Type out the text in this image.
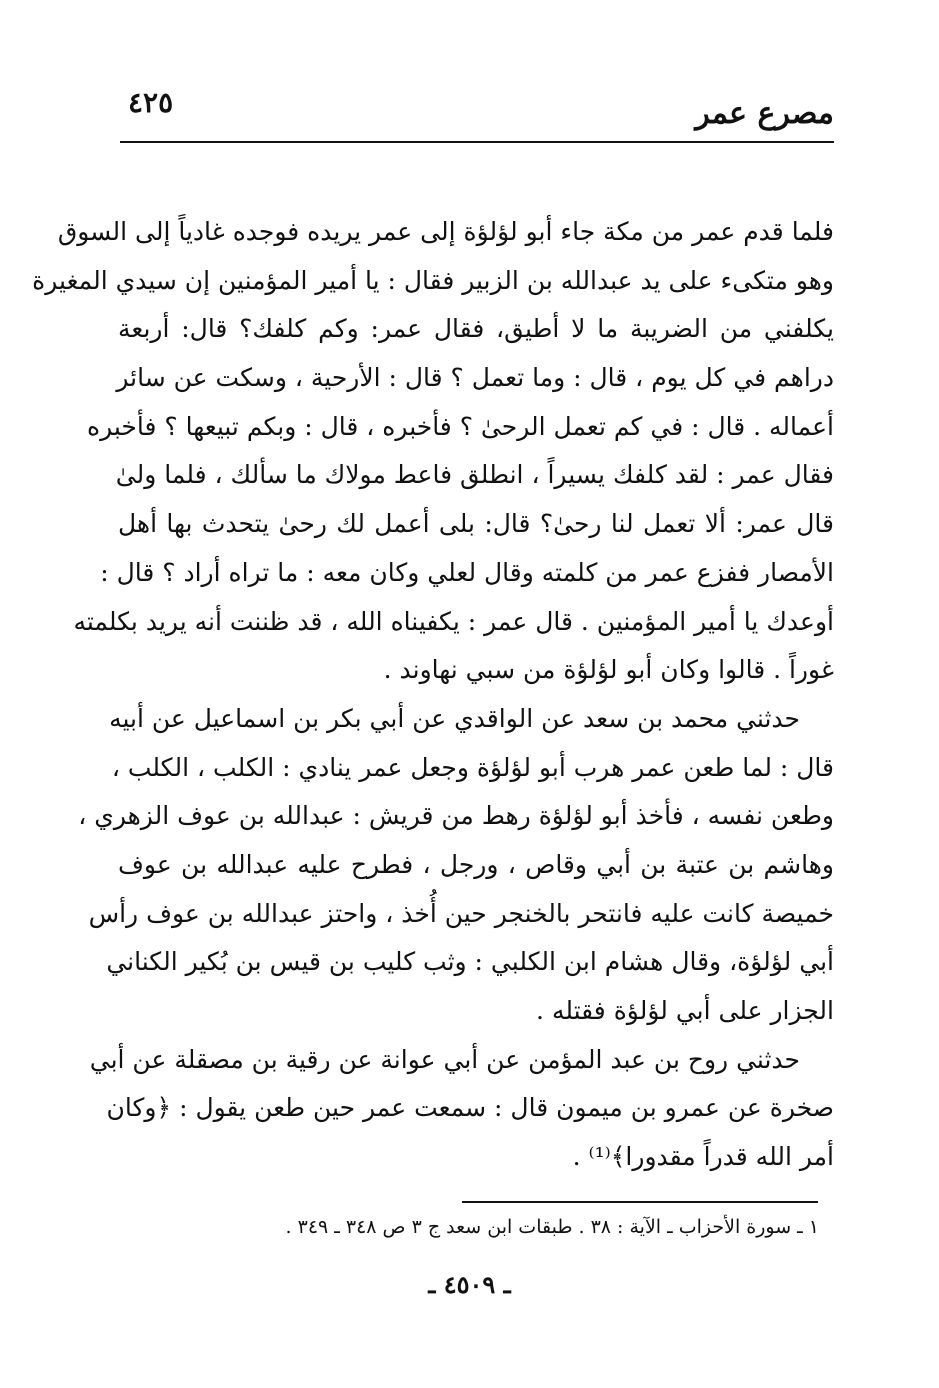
مصرع عمر
٤٢٥
فلما قدم عمر من مكة جاء أبو لؤلؤة إلى عمر يريده فوجده غادياً إلى السوق
وهو متكىء على يد عبدالله بن الزبير فقال : يا أمير المؤمنين إن سيدي المغيرة
يكلفني من الضريبة ما لا أطيق، فقال عمر: وكم كلفك؟ قال: أربعة
دراهم في كل يوم ، قال : وما تعمل ؟ قال : الأرحية ، وسكت عن سائر
أعماله . قال : في كم تعمل الرحىٰ ؟ فأخبره ، قال : وبكم تبيعها ؟ فأخبره
فقال عمر : لقد كلفك يسيراً ، انطلق فاعط مولاك ما سألك ، فلما ولىٰ
قال عمر: ألا تعمل لنا رحىٰ؟ قال: بلى أعمل لك رحىٰ يتحدث بها أهل
الأمصار ففزع عمر من كلمته وقال لعلي وكان معه : ما تراه أراد ؟ قال :
أوعدك يا أمير المؤمنين . قال عمر : يكفيناه الله ، قد ظننت أنه يريد بكلمته
غوراً . قالوا وكان أبو لؤلؤة من سبي نهاوند .
حدثني محمد بن سعد عن الواقدي عن أبي بكر بن اسماعيل عن أبيه
قال : لما طعن عمر هرب أبو لؤلؤة وجعل عمر ينادي : الكلب ، الكلب ،
وطعن نفسه ، فأخذ أبو لؤلؤة رهط من قريش : عبدالله بن عوف الزهري ،
وهاشم بن عتبة بن أبي وقاص ، ورجل ، فطرح عليه عبدالله بن عوف
خميصة كانت عليه فانتحر بالخنجر حين أُخذ ، واحتز عبدالله بن عوف رأس
أبي لؤلؤة، وقال هشام ابن الكلبي : وثب كليب بن قيس بن بُكير الكناني
الجزار على أبي لؤلؤة فقتله .
حدثني روح بن عبد المؤمن عن أبي عوانة عن رقية بن مصقلة عن أبي
صخرة عن عمرو بن ميمون قال : سمعت عمر حين طعن يقول : ﴿وكان
أمر الله قدراً مقدورا﴾⁽¹⁾ .
١ ـ سورة الأحزاب ـ الآية : ٣٨ . طبقات ابن سعد ج ٣ ص ٣٤٨ ـ ٣٤٩ .
ـ ٤٥٠٩ ـ
